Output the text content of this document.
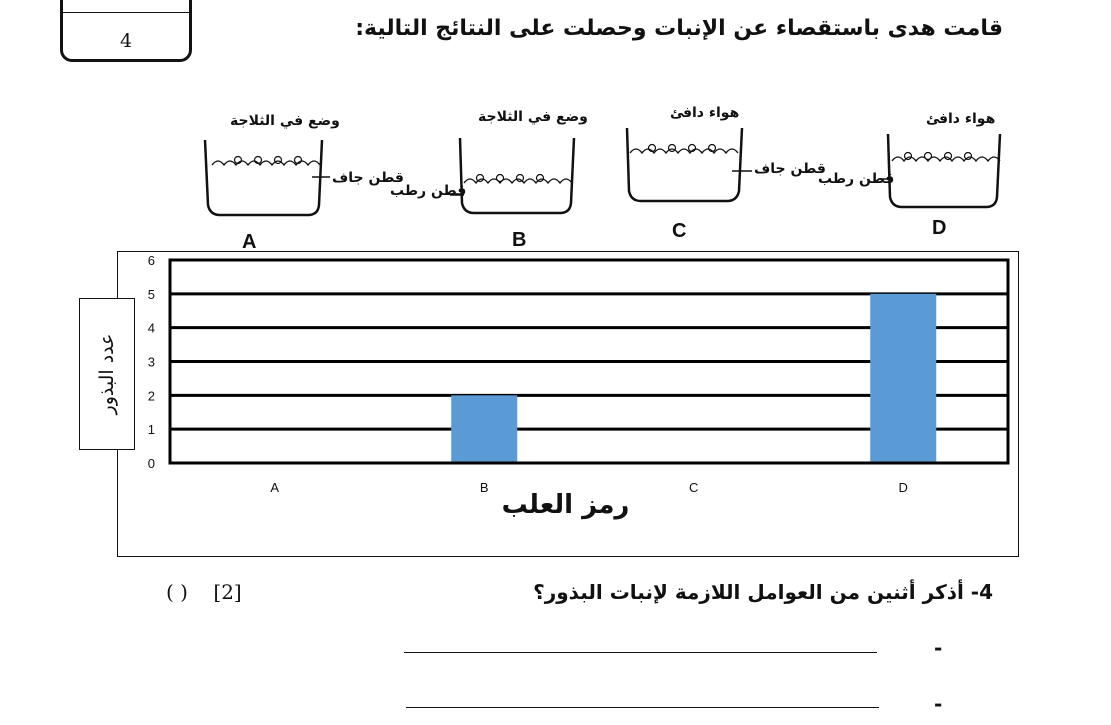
4	قامت هدى باستقصاء عن الإنبات وحصلت على النتائج التالية:
وضع في الثلاجة
قطن جاف
A
وضع في الثلاجة
قطن رطب
B
هواء دافئ
قطن جاف
C
هواء دافئ
قطن رطب
D
0
1
2
3
4
5
6
A	B	C	D
عدد البذور
رمز العلب
4- أذكر أثنين من العوامل اللازمة لإنبات البذور؟
( ) [2]
-
-
